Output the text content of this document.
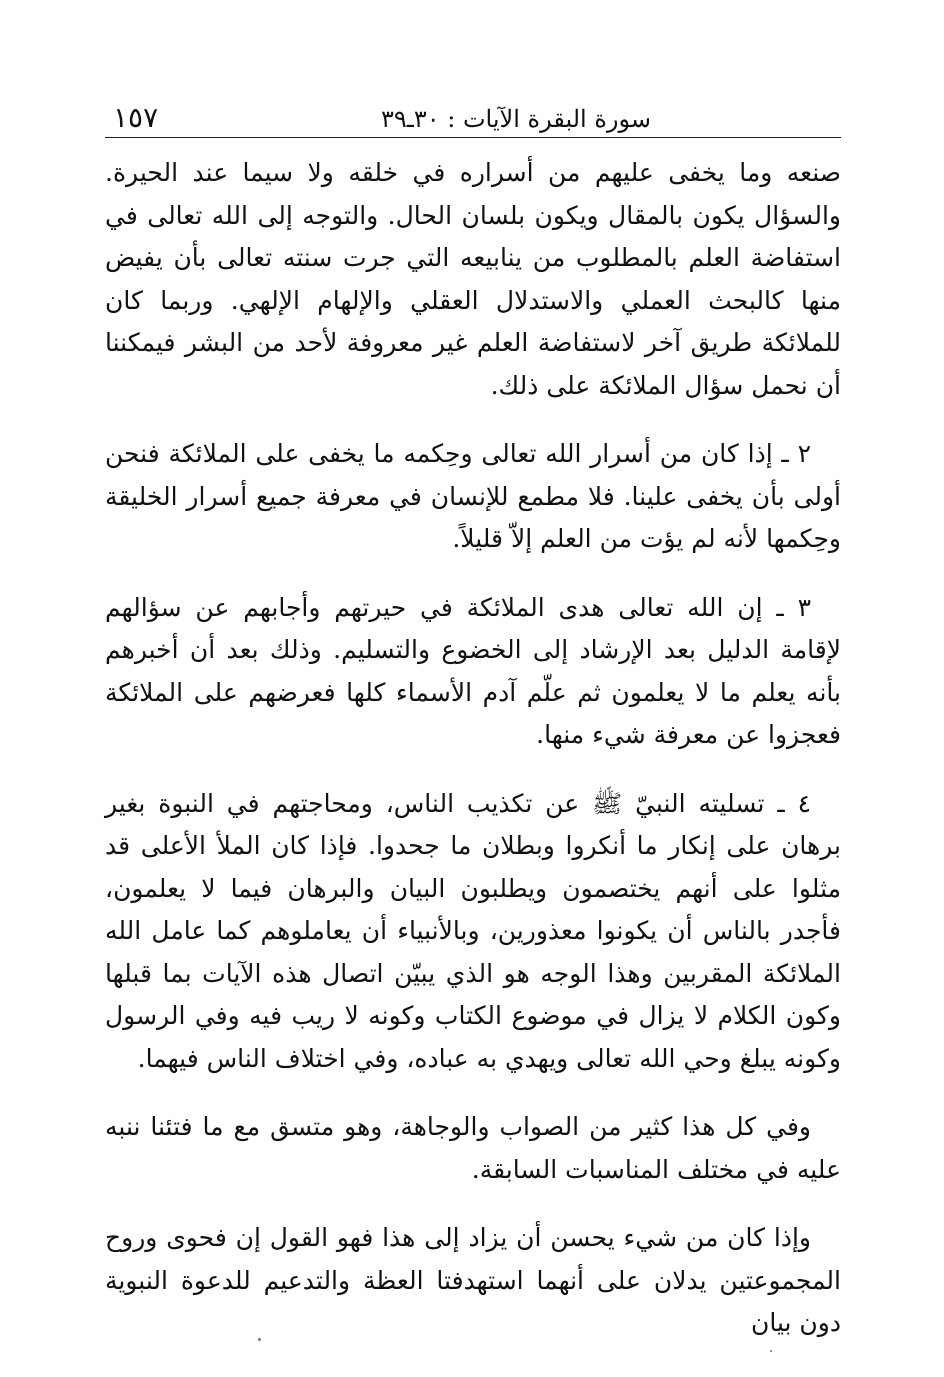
سورة البقرة الآيات : ٣٠ـ٣٩
١٥٧

صنعه وما يخفى عليهم من أسراره في خلقه ولا سيما عند الحيرة. والسؤال يكون بالمقال ويكون بلسان الحال. والتوجه إلى الله تعالى في استفاضة العلم بالمطلوب من ينابيعه التي جرت سنته تعالى بأن يفيض منها كالبحث العملي والاستدلال العقلي والإلهام الإلهي. وربما كان للملائكة طريق آخر لاستفاضة العلم غير معروفة لأحد من البشر فيمكننا أن نحمل سؤال الملائكة على ذلك.

٢ ـ إذا كان من أسرار الله تعالى وحِكمه ما يخفى على الملائكة فنحن أولى بأن يخفى علينا. فلا مطمع للإنسان في معرفة جميع أسرار الخليقة وحِكمها لأنه لم يؤت من العلم إلاّ قليلاً.

٣ ـ إن الله تعالى هدى الملائكة في حيرتهم وأجابهم عن سؤالهم لإقامة الدليل بعد الإرشاد إلى الخضوع والتسليم. وذلك بعد أن أخبرهم بأنه يعلم ما لا يعلمون ثم علّم آدم الأسماء كلها فعرضهم على الملائكة فعجزوا عن معرفة شيء منها.

٤ ـ تسليته النبيّ ﷺ عن تكذيب الناس، ومحاجتهم في النبوة بغير برهان على إنكار ما أنكروا وبطلان ما جحدوا. فإذا كان الملأ الأعلى قد مثلوا على أنهم يختصمون ويطلبون البيان والبرهان فيما لا يعلمون، فأجدر بالناس أن يكونوا معذورين، وبالأنبياء أن يعاملوهم كما عامل الله الملائكة المقربين وهذا الوجه هو الذي يبيّن اتصال هذه الآيات بما قبلها وكون الكلام لا يزال في موضوع الكتاب وكونه لا ريب فيه وفي الرسول وكونه يبلغ وحي الله تعالى ويهدي به عباده، وفي اختلاف الناس فيهما.

وفي كل هذا كثير من الصواب والوجاهة، وهو متسق مع ما فتئنا ننبه عليه في مختلف المناسبات السابقة.

وإذا كان من شيء يحسن أن يزاد إلى هذا فهو القول إن فحوى وروح المجموعتين يدلان على أنهما استهدفتا العظة والتدعيم للدعوة النبوية دون بيان
